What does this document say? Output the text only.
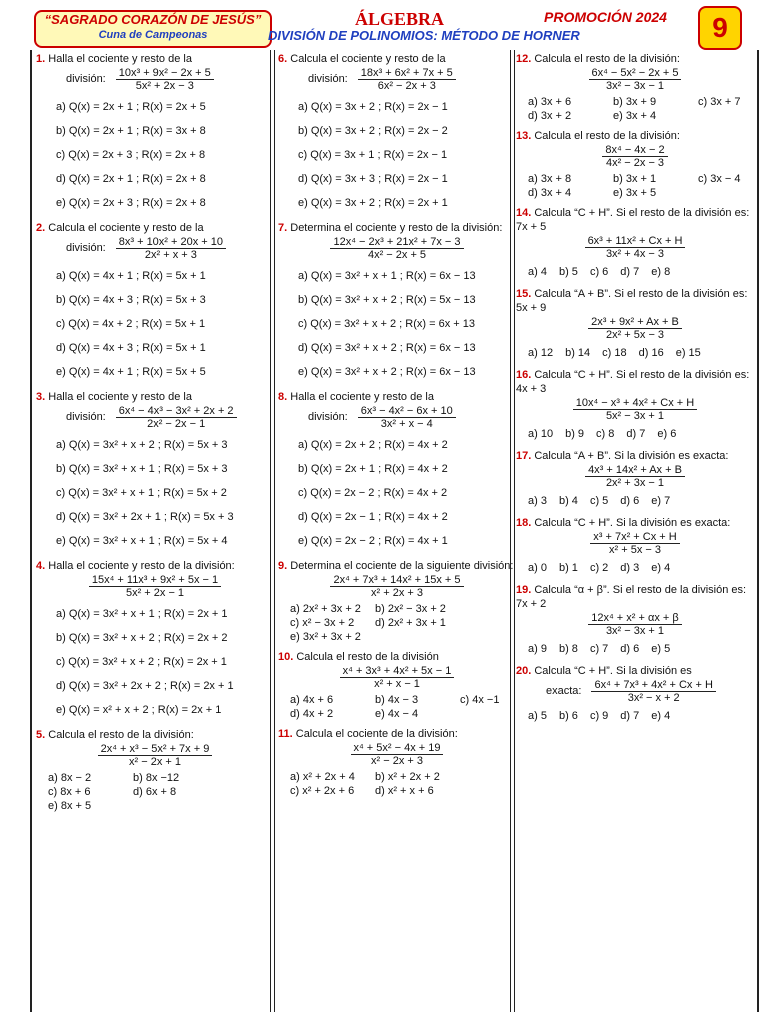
“SAGRADO CORAZÓN DE JESÚS”
Cuna de Campeonas
ÁLGEBRA	PROMOCIÓN 2024	9
DIVISIÓN DE POLINOMIOS: MÉTODO DE HORNER
1. Halla el cociente y resto de la
división: $\frac{\text{10x³ + 9x² − 2x + 5}}{\text{5x² + 2x − 3}}$
a) Q(x) = 2x + 1 ; R(x) = 2x + 5
b) Q(x) = 2x + 1 ; R(x) = 3x + 8
c) Q(x) = 2x + 3 ; R(x) = 2x + 8
d) Q(x) = 2x + 1 ; R(x) = 2x + 8
e) Q(x) = 2x + 3 ; R(x) = 2x + 8
2. Calcula el cociente y resto de la
división: $\frac{\text{8x³ + 10x² + 20x + 10}}{\text{2x² + x + 3}}$
a) Q(x) = 4x + 1 ; R(x) = 5x + 1
b) Q(x) = 4x + 3 ; R(x) = 5x + 3
c) Q(x) = 4x + 2 ; R(x) = 5x + 1
d) Q(x) = 4x + 3 ; R(x) = 5x + 1
e) Q(x) = 4x + 1 ; R(x) = 5x + 5
3. Halla el cociente y resto de la
división: $\frac{\text{6x⁴ − 4x³ − 3x² + 2x + 2}}{\text{2x² − 2x − 1}}$
a) Q(x) = 3x² + x + 2 ; R(x) = 5x + 3
b) Q(x) = 3x² + x + 1 ; R(x) = 5x + 3
c) Q(x) = 3x² + x + 1 ; R(x) = 5x + 2
d) Q(x) = 3x² + 2x + 1 ; R(x) = 5x + 3
e) Q(x) = 3x² + x + 1 ; R(x) = 5x + 4
4. Halla el cociente y resto de la división:
$\frac{\text{15x⁴ + 11x³ + 9x² + 5x − 1}}{\text{5x² + 2x − 1}}$
a) Q(x) = 3x² + x + 1 ; R(x) = 2x + 1
b) Q(x) = 3x² + x + 2 ; R(x) = 2x + 2
c) Q(x) = 3x² + x + 2 ; R(x) = 2x + 1
d) Q(x) = 3x² + 2x + 2 ; R(x) = 2x + 1
e) Q(x) = x² + x + 2 ; R(x) = 2x + 1
5. Calcula el resto de la división:
$\frac{\text{2x⁴ + x³ − 5x² + 7x + 9}}{\text{x² − 2x + 1}}$
a) 8x − 2	b) 8x −12
c) 8x + 6	d) 6x + 8
e) 8x + 5
6. Calcula el cociente y resto de la
división: $\frac{\text{18x³ + 6x² + 7x + 5}}{\text{6x² − 2x + 3}}$
a) Q(x) = 3x + 2 ; R(x) = 2x − 1
b) Q(x) = 3x + 2 ; R(x) = 2x − 2
c) Q(x) = 3x + 1 ; R(x) = 2x − 1
d) Q(x) = 3x + 3 ; R(x) = 2x − 1
e) Q(x) = 3x + 2 ; R(x) = 2x + 1
7. Determina el cociente y resto de la división:
$\frac{\text{12x⁴ − 2x³ + 21x² + 7x − 3}}{\text{4x² − 2x + 5}}$
a) Q(x) = 3x² + x + 1 ; R(x) = 6x − 13
b) Q(x) = 3x² + x + 2 ; R(x) = 5x − 13
c) Q(x) = 3x² + x + 2 ; R(x) = 6x + 13
d) Q(x) = 3x² + x + 2 ; R(x) = 6x − 13
e) Q(x) = 3x² + x + 2 ; R(x) = 6x − 13
8. Halla el cociente y resto de la
división: $\frac{\text{6x³ − 4x² − 6x + 10}}{\text{3x² + x − 4}}$
a) Q(x) = 2x + 2 ; R(x) = 4x + 2
b) Q(x) = 2x + 1 ; R(x) = 4x + 2
c) Q(x) = 2x − 2 ; R(x) = 4x + 2
d) Q(x) = 2x − 1 ; R(x) = 4x + 2
e) Q(x) = 2x − 2 ; R(x) = 4x + 1
9. Determina el cociente de la siguiente división:
$\frac{\text{2x⁴ + 7x³ + 14x² + 15x + 5}}{\text{x² + 2x + 3}}$
a) 2x² + 3x + 2	b) 2x² − 3x + 2
c) x² − 3x + 2	d) 2x² + 3x + 1
e) 3x² + 3x + 2
10. Calcula el resto de la división
$\frac{\text{x⁴ + 3x³ + 4x² + 5x − 1}}{\text{x² + x − 1}}$
a) 4x + 6	b) 4x − 3	c) 4x −1
d) 4x + 2	e) 4x − 4
11. Calcula el cociente de la división:
$\frac{\text{x⁴ + 5x² − 4x + 19}}{\text{x² − 2x + 3}}$
a) x² + 2x + 4	b) x² + 2x + 2
c) x² + 2x + 6	d) x² + x + 6
12. Calcula el resto de la división:
$\frac{\text{6x⁴ − 5x² − 2x + 5}}{\text{3x² − 3x − 1}}$
a) 3x + 6	b) 3x + 9	c) 3x + 7
d) 3x + 2	e) 3x + 4
13. Calcula el resto de la división:
$\frac{\text{8x⁴ − 4x − 2}}{\text{4x² − 2x − 3}}$
a) 3x + 8	b) 3x + 1	c) 3x − 4
d) 3x + 4	e) 3x + 5
14. Calcula “C + H”. Si el resto de la división es: 7x + 5
$\frac{\text{6x³ + 11x² + Cx + H}}{\text{3x² + 4x − 3}}$
a) 4 b) 5 c) 6 d) 7 e) 8
15. Calcula “A + B”. Si el resto de la división es: 5x + 9
$\frac{\text{2x³ + 9x² + Ax + B}}{\text{2x² + 5x − 3}}$
a) 12 b) 14 c) 18 d) 16 e) 15
16. Calcula “C + H”. Si el resto de la división es: 4x + 3
$\frac{\text{10x⁴ − x³ + 4x² + Cx + H}}{\text{5x² − 3x + 1}}$
a) 10 b) 9 c) 8 d) 7 e) 6
17. Calcula “A + B”. Si la división es exacta:
$\frac{\text{4x³ + 14x² + Ax + B}}{\text{2x² + 3x − 1}}$
a) 3 b) 4 c) 5 d) 6 e) 7
18. Calcula “C + H”. Si la división es exacta:
$\frac{\text{x³ + 7x² + Cx + H}}{\text{x² + 5x − 3}}$
a) 0 b) 1 c) 2 d) 3 e) 4
19. Calcula “α + β”. Si el resto de la división es: 7x + 2
$\frac{\text{12x⁴ + x² + αx + β}}{\text{3x² − 3x + 1}}$
a) 9 b) 8 c) 7 d) 6 e) 5
20. Calcula “C + H”. Si la división es
exacta: $\frac{\text{6x⁴ + 7x³ + 4x² + Cx + H}}{\text{3x² − x + 2}}$
a) 5 b) 6 c) 9 d) 7 e) 4
